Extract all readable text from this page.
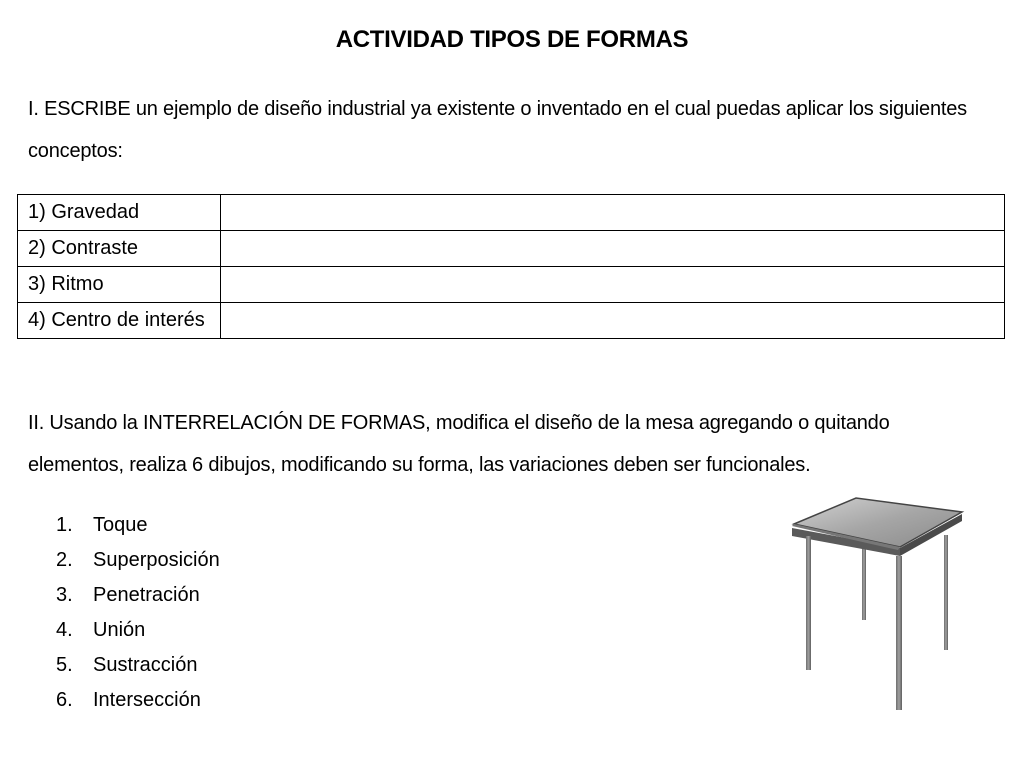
ACTIVIDAD TIPOS DE FORMAS
I. ESCRIBE un ejemplo de diseño industrial ya existente o inventado en el cual puedas aplicar los siguientes conceptos:
1) Gravedad	
2) Contraste	
3) Ritmo	
4) Centro de interés	
II. Usando la INTERRELACIÓN DE FORMAS, modifica el diseño de la mesa agregando o quitando elementos, realiza 6 dibujos, modificando su forma, las variaciones deben ser funcionales.
1.	Toque
2.	Superposición
3.	Penetración
4.	Unión
5.	Sustracción
6.	Intersección
